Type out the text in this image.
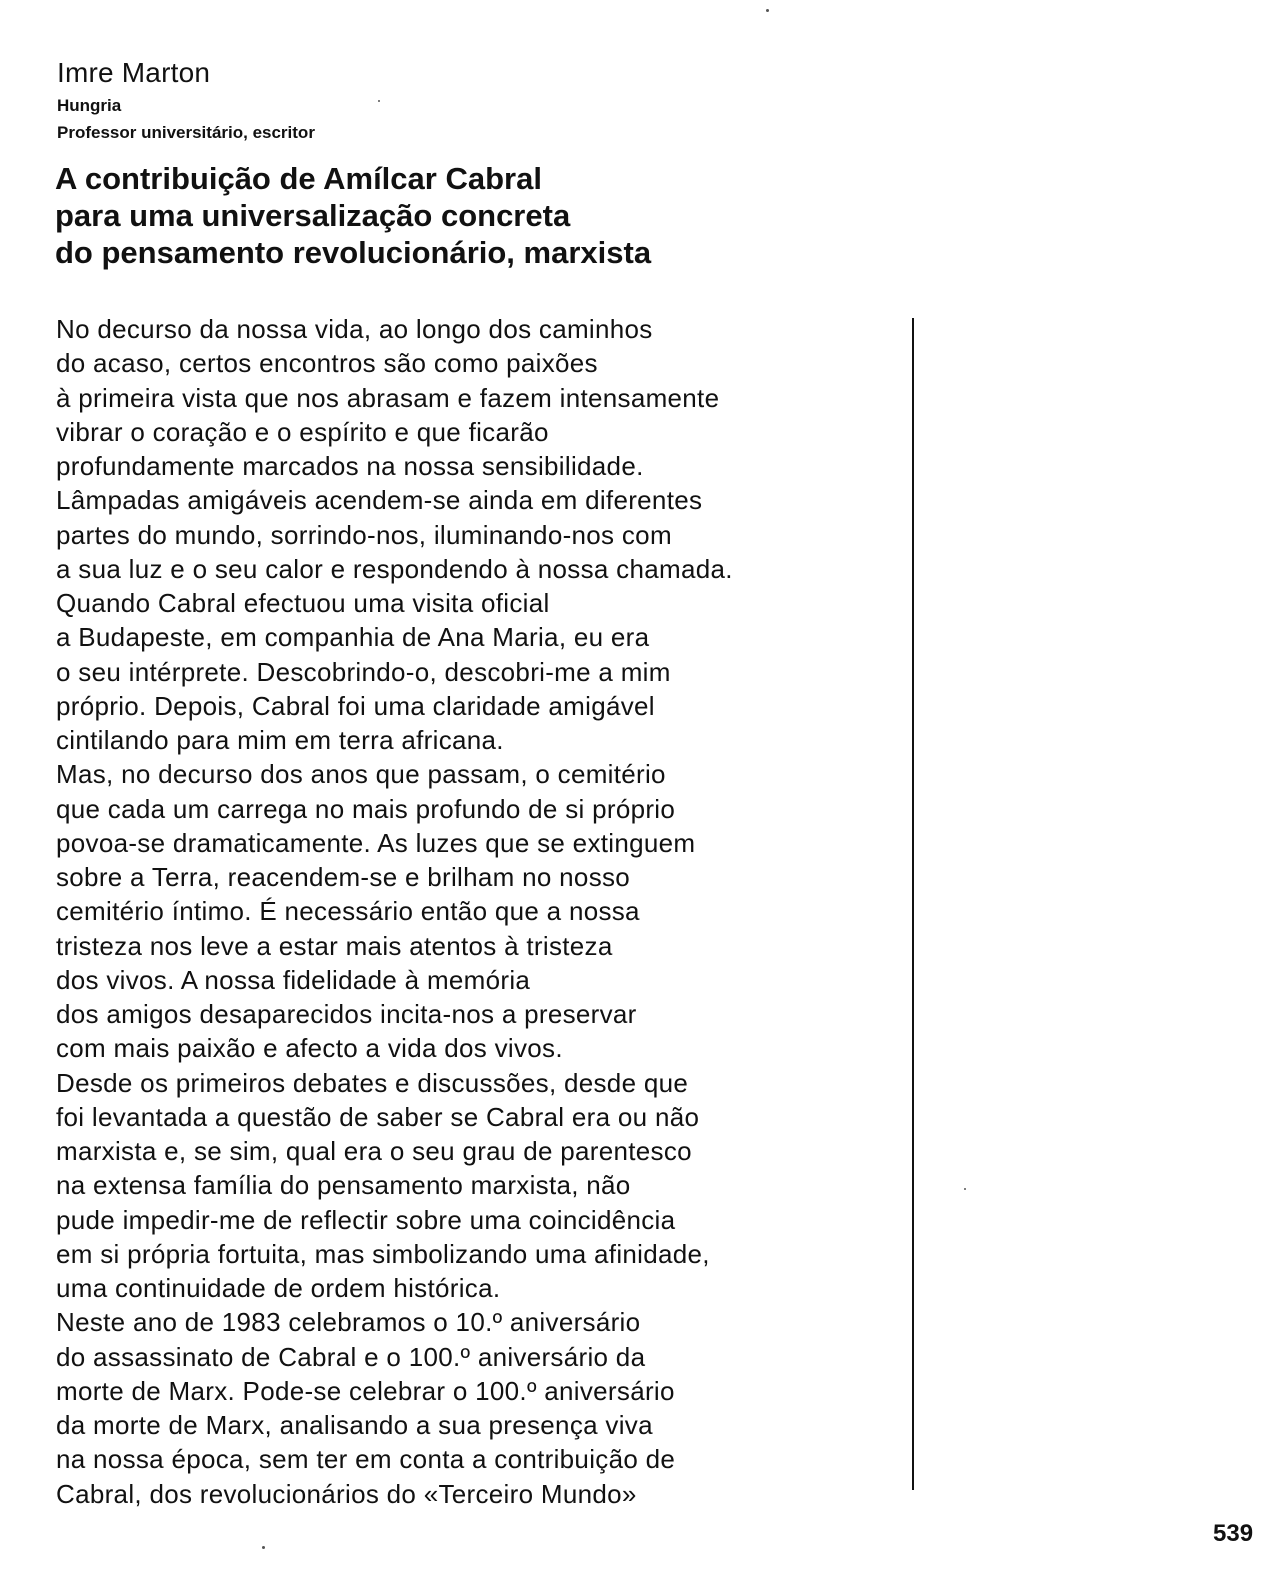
Imre Marton
Hungria
Professor universitário, escritor
A contribuição de Amílcar Cabral
para uma universalização concreta
do pensamento revolucionário, marxista
No decurso da nossa vida, ao longo dos caminhos
do acaso, certos encontros são como paixões
à primeira vista que nos abrasam e fazem intensamente
vibrar o coração e o espírito e que ficarão
profundamente marcados na nossa sensibilidade.
Lâmpadas amigáveis acendem-se ainda em diferentes
partes do mundo, sorrindo-nos, iluminando-nos com
a sua luz e o seu calor e respondendo à nossa chamada.
Quando Cabral efectuou uma visita oficial
a Budapeste, em companhia de Ana Maria, eu era
o seu intérprete. Descobrindo-o, descobri-me a mim
próprio. Depois, Cabral foi uma claridade amigável
cintilando para mim em terra africana.
Mas, no decurso dos anos que passam, o cemitério
que cada um carrega no mais profundo de si próprio
povoa-se dramaticamente. As luzes que se extinguem
sobre a Terra, reacendem-se e brilham no nosso
cemitério íntimo. É necessário então que a nossa
tristeza nos leve a estar mais atentos à tristeza
dos vivos. A nossa fidelidade à memória
dos amigos desaparecidos incita-nos a preservar
com mais paixão e afecto a vida dos vivos.
Desde os primeiros debates e discussões, desde que
foi levantada a questão de saber se Cabral era ou não
marxista e, se sim, qual era o seu grau de parentesco
na extensa família do pensamento marxista, não
pude impedir-me de reflectir sobre uma coincidência
em si própria fortuita, mas simbolizando uma afinidade,
uma continuidade de ordem histórica.
Neste ano de 1983 celebramos o 10.º aniversário
do assassinato de Cabral e o 100.º aniversário da
morte de Marx. Pode-se celebrar o 100.º aniversário
da morte de Marx, analisando a sua presença viva
na nossa época, sem ter em conta a contribuição de
Cabral, dos revolucionários do «Terceiro Mundo»
539
